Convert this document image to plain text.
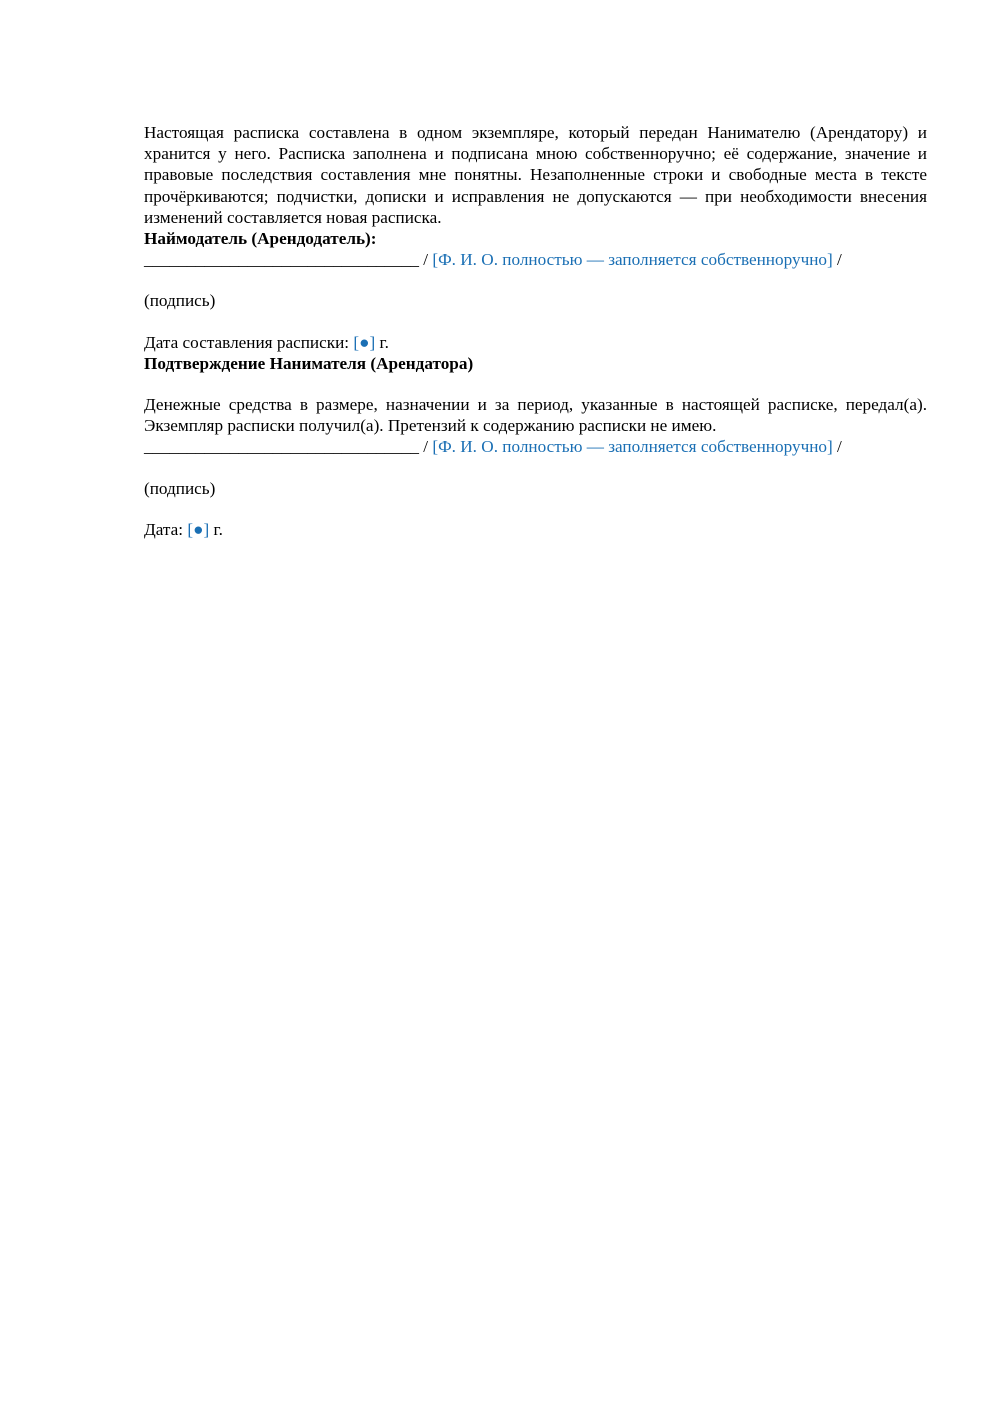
Настоящая расписка составлена в одном экземпляре, который передан Нанимателю (Арендатору) и хранится у него. Расписка заполнена и подписана мною собственноручно; её содержание, значение и правовые последствия составления мне понятны. Незаполненные строки и свободные места в тексте прочёркиваются; подчистки, дописки и исправления не допускаются — при необходимости внесения изменений составляется новая расписка.

Наймодатель (Арендодатель):

________________________________ / [Ф. И. О. полностью — заполняется собственноручно] /

(подпись)

Дата составления расписки: [●] г.

Подтверждение Нанимателя (Арендатора)

Денежные средства в размере, назначении и за период, указанные в настоящей расписке, передал(а). Экземпляр расписки получил(а). Претензий к содержанию расписки не имею.

________________________________ / [Ф. И. О. полностью — заполняется собственноручно] /

(подпись)

Дата: [●] г.
